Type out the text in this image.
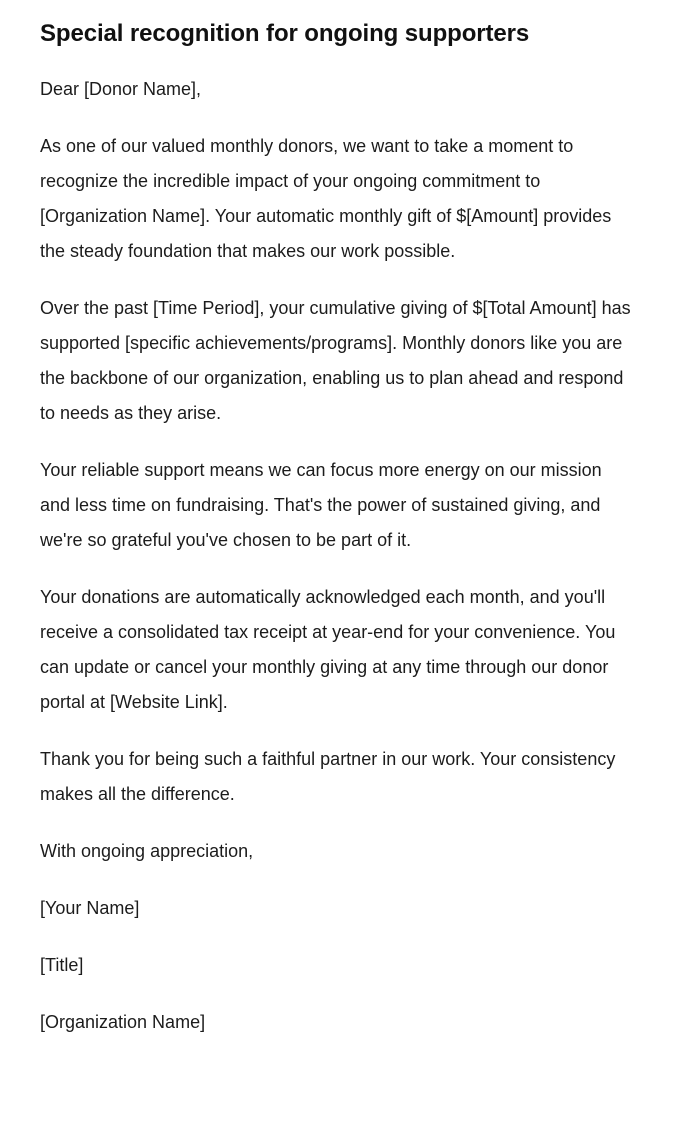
Special recognition for ongoing supporters

Dear [Donor Name],

As one of our valued monthly donors, we want to take a moment to recognize the incredible impact of your ongoing commitment to [Organization Name]. Your automatic monthly gift of $[Amount] provides the steady foundation that makes our work possible.

Over the past [Time Period], your cumulative giving of $[Total Amount] has supported [specific achievements/programs]. Monthly donors like you are the backbone of our organization, enabling us to plan ahead and respond to needs as they arise.

Your reliable support means we can focus more energy on our mission and less time on fundraising. That's the power of sustained giving, and we're so grateful you've chosen to be part of it.

Your donations are automatically acknowledged each month, and you'll receive a consolidated tax receipt at year-end for your convenience. You can update or cancel your monthly giving at any time through our donor portal at [Website Link].

Thank you for being such a faithful partner in our work. Your consistency makes all the difference.

With ongoing appreciation,

[Your Name]

[Title]

[Organization Name]
